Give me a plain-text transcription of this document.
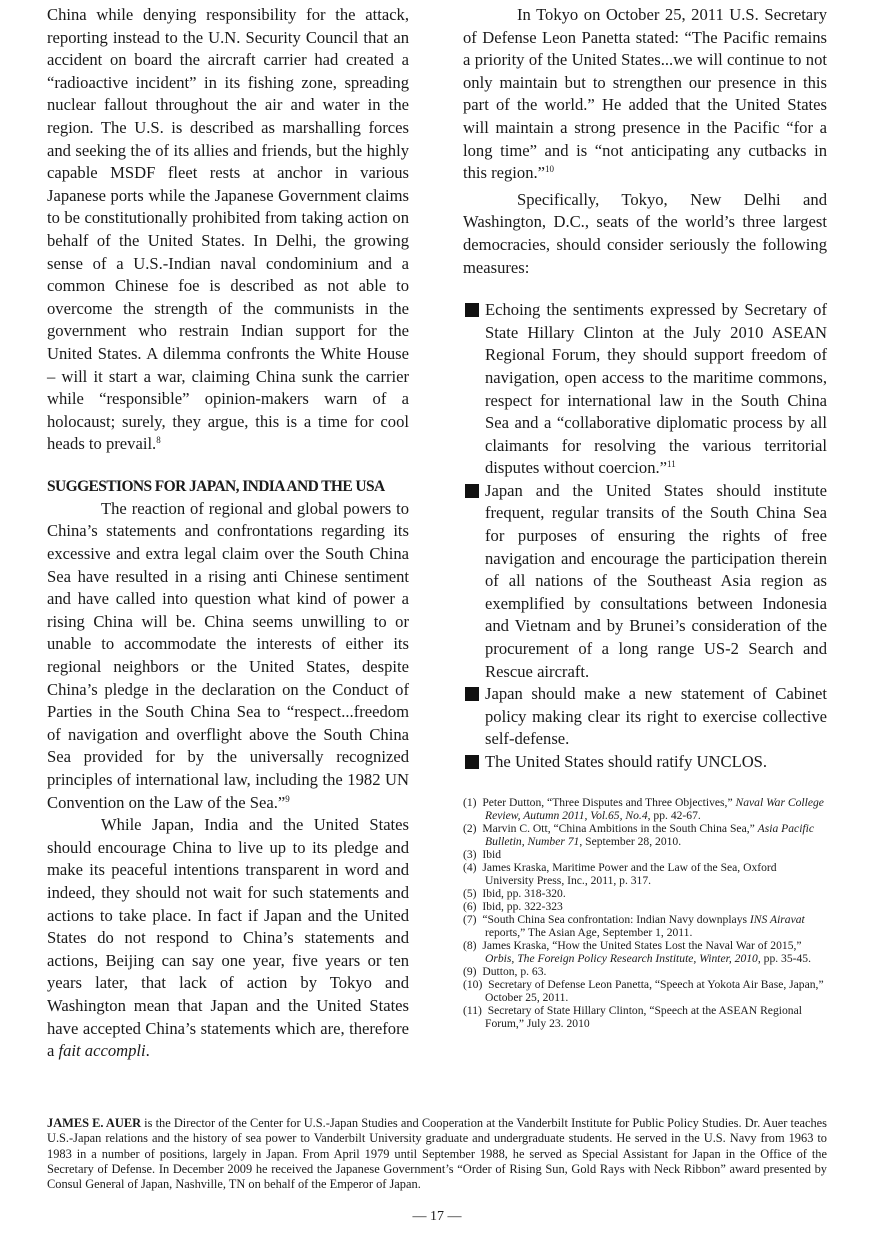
China while denying responsibility for the attack, reporting instead to the U.N. Security Council that an accident on board the aircraft carrier had created a “radioactive incident” in its fishing zone, spreading nuclear fallout throughout the air and water in the region. The U.S. is described as marshalling forces and seeking the of its allies and friends, but the highly capable MSDF fleet rests at anchor in various Japanese ports while the Japanese Government claims to be constitutionally prohibited from taking action on behalf of the United States. In Delhi, the growing sense of a U.S.-Indian naval condominium and a common Chinese foe is described as not able to overcome the strength of the communists in the government who restrain Indian support for the United States. A dilemma confronts the White House – will it start a war, claiming China sunk the carrier while “responsible” opinion-makers warn of a holocaust; surely, they argue, this is a time for cool heads to prevail.$^8$

SUGGESTIONS FOR JAPAN, INDIA AND THE USA

The reaction of regional and global powers to China’s statements and confrontations regarding its excessive and extra legal claim over the South China Sea have resulted in a rising anti Chinese sentiment and have called into question what kind of power a rising China will be. China seems unwilling to or unable to accommodate the interests of either its regional neighbors or the United States, despite China’s pledge in the declaration on the Conduct of Parties in the South China Sea to “respect...freedom of navigation and overflight above the South China Sea provided for by the universally recognized principles of international law, including the 1982 UN Convention on the Law of the Sea.”$^9$

While Japan, India and the United States should encourage China to live up to its pledge and make its peaceful intentions transparent in word and indeed, they should not wait for such statements and actions to take place. In fact if Japan and the United States do not respond to China’s statements and actions, Beijing can say one year, five years or ten years later, that lack of action by Tokyo and Washington mean that Japan and the United States have accepted China’s statements which are, therefore a fait accompli.

In Tokyo on October 25, 2011 U.S. Secretary of Defense Leon Panetta stated: “The Pacific remains a priority of the United States...we will continue to not only maintain but to strengthen our presence in this part of the world.” He added that the United States will maintain a strong presence in the Pacific “for a long time” and is “not anticipating any cutbacks in this region.”$^{10}$

Specifically, Tokyo, New Delhi and Washington, D.C., seats of the world’s three largest democracies, should consider seriously the following measures:

Echoing the sentiments expressed by Secretary of State Hillary Clinton at the July 2010 ASEAN Regional Forum, they should support freedom of navigation, open access to the maritime commons, respect for international law in the South China Sea and a “collaborative diplomatic process by all claimants for resolving the various territorial disputes without coercion.”$^{11}$
Japan and the United States should institute frequent, regular transits of the South China Sea for purposes of ensuring the rights of free navigation and encourage the participation therein of all nations of the Southeast Asia region as exemplified by consultations between Indonesia and Vietnam and by Brunei’s consideration of the procurement of a long range US-2 Search and Rescue aircraft.
Japan should make a new statement of Cabinet policy making clear its right to exercise collective self-defense.
The United States should ratify UNCLOS.
(1) Peter Dutton, “Three Disputes and Three Objectives,” Naval War College Review, Autumn 2011, Vol.65, No.4, pp. 42-67.
(2) Marvin C. Ott, “China Ambitions in the South China Sea,” Asia Pacific Bulletin, Number 71, September 28, 2010.
(3) Ibid
(4) James Kraska, Maritime Power and the Law of the Sea, Oxford University Press, Inc., 2011, p. 317.
(5) Ibid, pp. 318-320.
(6) Ibid, pp. 322-323
(7) “South China Sea confrontation: Indian Navy downplays INS Airavat reports,” The Asian Age, September 1, 2011.
(8) James Kraska, “How the United States Lost the Naval War of 2015,” Orbis, The Foreign Policy Research Institute, Winter, 2010, pp. 35-45.
(9) Dutton, p. 63.
(10) Secretary of Defense Leon Panetta, “Speech at Yokota Air Base, Japan,” October 25, 2011.
(11) Secretary of State Hillary Clinton, “Speech at the ASEAN Regional Forum,” July 23. 2010
JAMES E. AUER is the Director of the Center for U.S.-Japan Studies and Cooperation at the Vanderbilt Institute for Public Policy Studies. Dr. Auer teaches U.S.-Japan relations and the history of sea power to Vanderbilt University graduate and undergraduate students. He served in the U.S. Navy from 1963 to 1983 in a number of positions, largely in Japan. From April 1979 until September 1988, he served as Special Assistant for Japan in the Office of the Secretary of Defense. In December 2009 he received the Japanese Government’s “Order of Rising Sun, Gold Rays with Neck Ribbon” award presented by Consul General of Japan, Nashville, TN on behalf of the Emperor of Japan.
— 17 —
